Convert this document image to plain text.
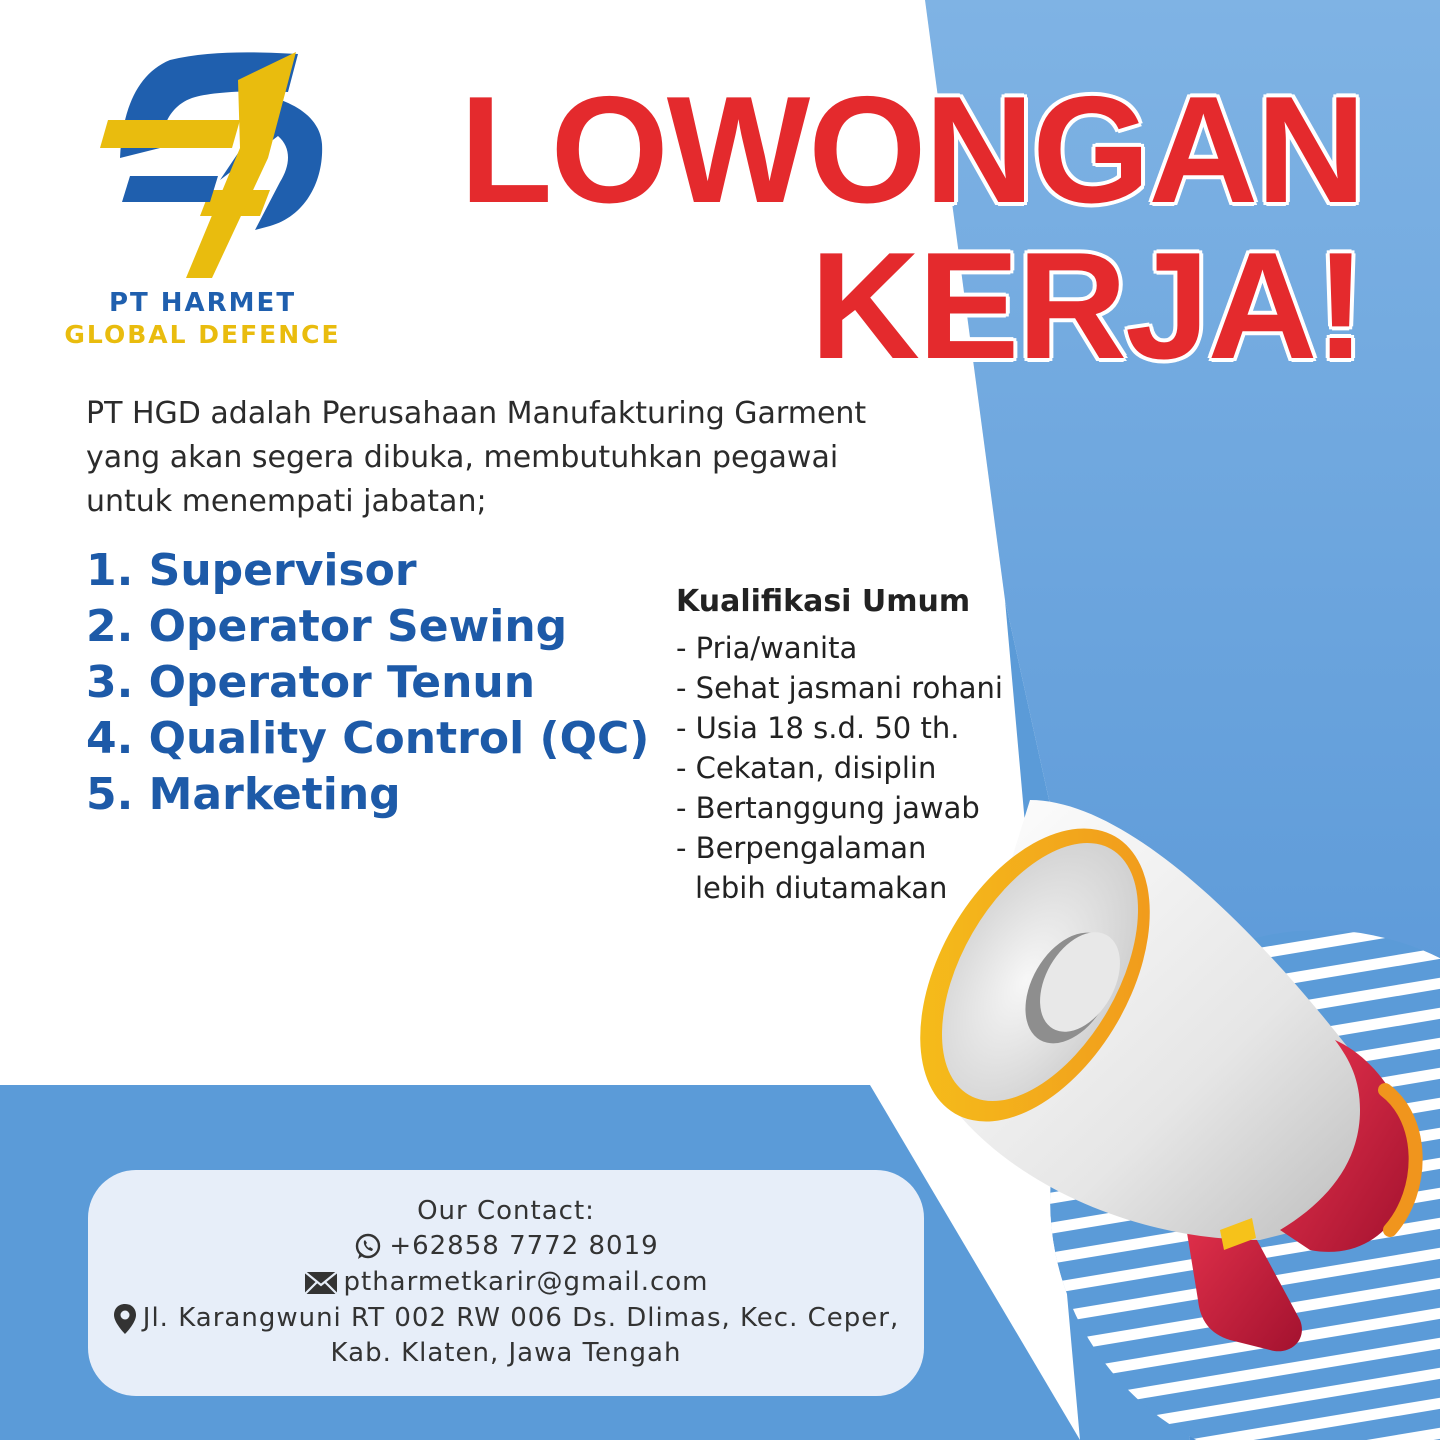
PT HARMET
GLOBAL DEFENCE
LOWONGAN
KERJA!
PT HGD adalah Perusahaan Manufakturing Garment
yang akan segera dibuka, membutuhkan pegawai
untuk menempati jabatan;
1. Supervisor
2. Operator Sewing
3. Operator Tenun
4. Quality Control (QC)
5. Marketing
Kualifikasi Umum
- Pria/wanita
- Sehat jasmani rohani
- Usia 18 s.d. 50 th.
- Cekatan, disiplin
- Bertanggung jawab
- Berpengalaman
lebih diutamakan
Our Contact:
+62858 7772 8019
ptharmetkarir@gmail.com
Jl. Karangwuni RT 002 RW 006 Ds. Dlimas, Kec. Ceper,
Kab. Klaten, Jawa Tengah
